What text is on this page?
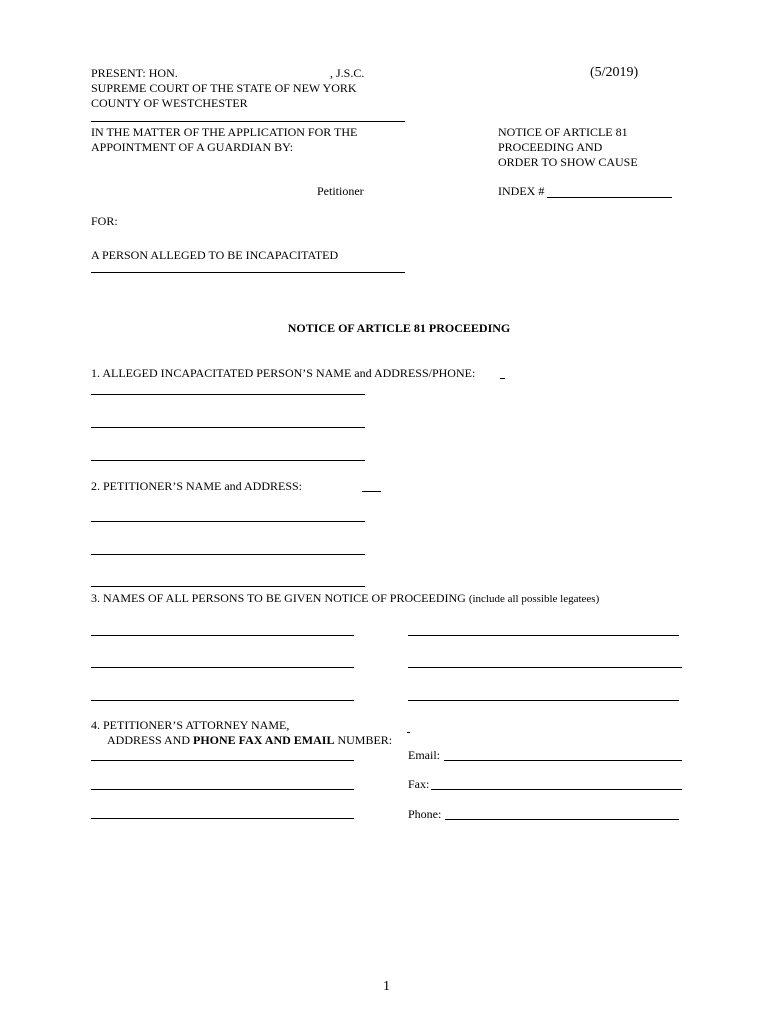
PRESENT: HON.	, J.S.C.	(5/2019)
SUPREME COURT OF THE STATE OF NEW YORK
COUNTY OF WESTCHESTER
IN THE MATTER OF THE APPLICATION FOR THE
APPOINTMENT OF A GUARDIAN BY:
Petitioner
FOR:
A PERSON ALLEGED TO BE INCAPACITATED
NOTICE OF ARTICLE 81
PROCEEDING AND
ORDER TO SHOW CAUSE
INDEX #
NOTICE OF ARTICLE 81 PROCEEDING
1. ALLEGED INCAPACITATED PERSON’S NAME and ADDRESS/PHONE:
2. PETITIONER’S NAME and ADDRESS:
3. NAMES OF ALL PERSONS TO BE GIVEN NOTICE OF PROCEEDING (include all possible legatees)
4. PETITIONER’S ATTORNEY NAME,
ADDRESS AND PHONE FAX AND EMAIL NUMBER:
Email:
Fax:
Phone:
1
